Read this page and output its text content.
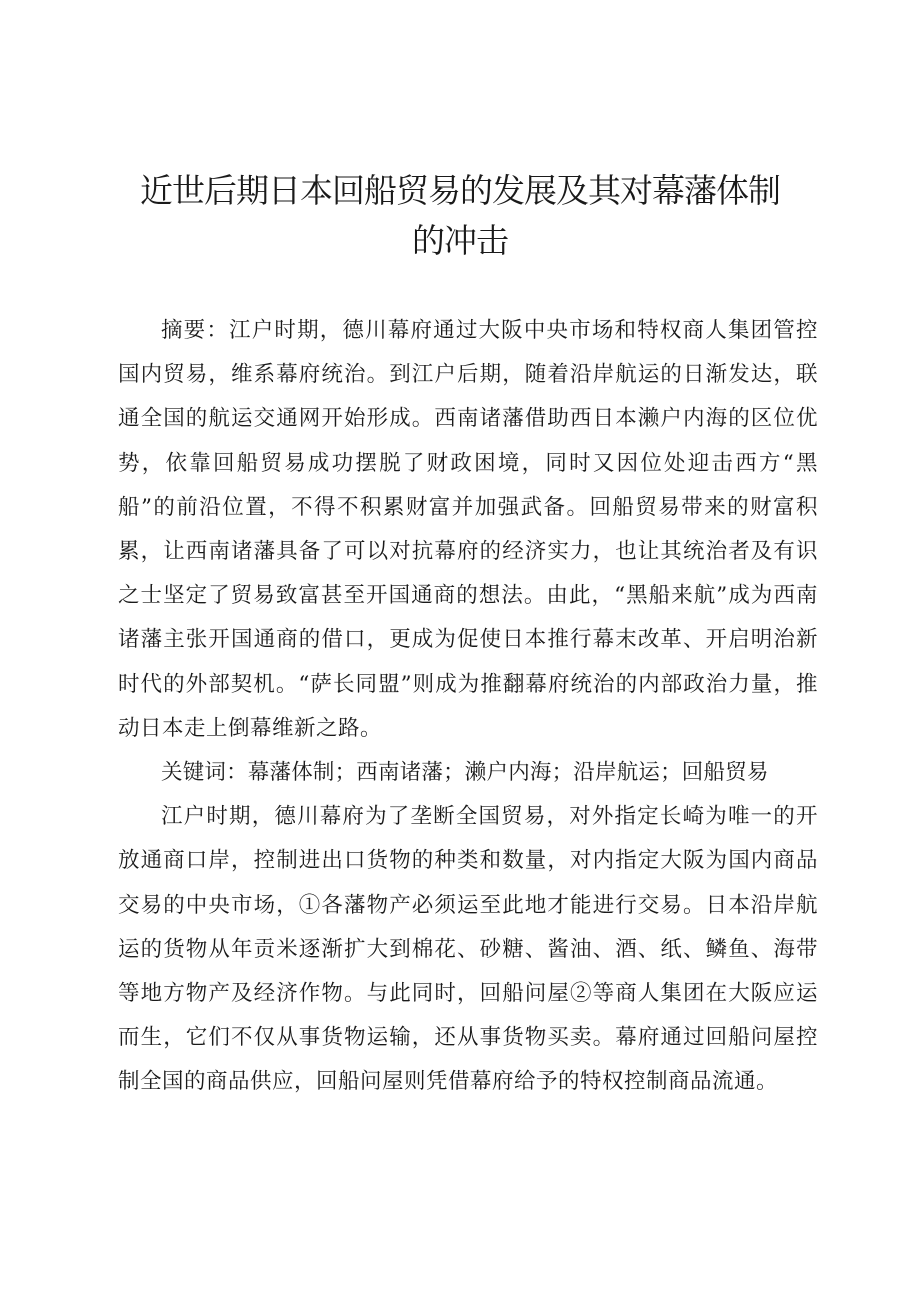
近世后期日本回船贸易的发展及其对幕藩体制
的冲击

摘要：江户时期，德川幕府通过大阪中央市场和特权商人集团管控国内贸易，维系幕府统治。到江户后期，随着沿岸航运的日渐发达，联通全国的航运交通网开始形成。西南诸藩借助西日本濑户内海的区位优势，依靠回船贸易成功摆脱了财政困境，同时又因位处迎击西方“黑船”的前沿位置，不得不积累财富并加强武备。回船贸易带来的财富积累，让西南诸藩具备了可以对抗幕府的经济实力，也让其统治者及有识之士坚定了贸易致富甚至开国通商的想法。由此，“黑船来航”成为西南诸藩主张开国通商的借口，更成为促使日本推行幕末改革、开启明治新时代的外部契机。“萨长同盟”则成为推翻幕府统治的内部政治力量，推动日本走上倒幕维新之路。

关键词：幕藩体制；西南诸藩；濑户内海；沿岸航运；回船贸易

江户时期，德川幕府为了垄断全国贸易，对外指定长崎为唯一的开放通商口岸，控制进出口货物的种类和数量，对内指定大阪为国内商品交易的中央市场，①各藩物产必须运至此地才能进行交易。日本沿岸航运的货物从年贡米逐渐扩大到棉花、砂糖、酱油、酒、纸、鳞鱼、海带等地方物产及经济作物。与此同时，回船问屋②等商人集团在大阪应运而生，它们不仅从事货物运输，还从事货物买卖。幕府通过回船问屋控制全国的商品供应，回船问屋则凭借幕府给予的特权控制商品流通。
